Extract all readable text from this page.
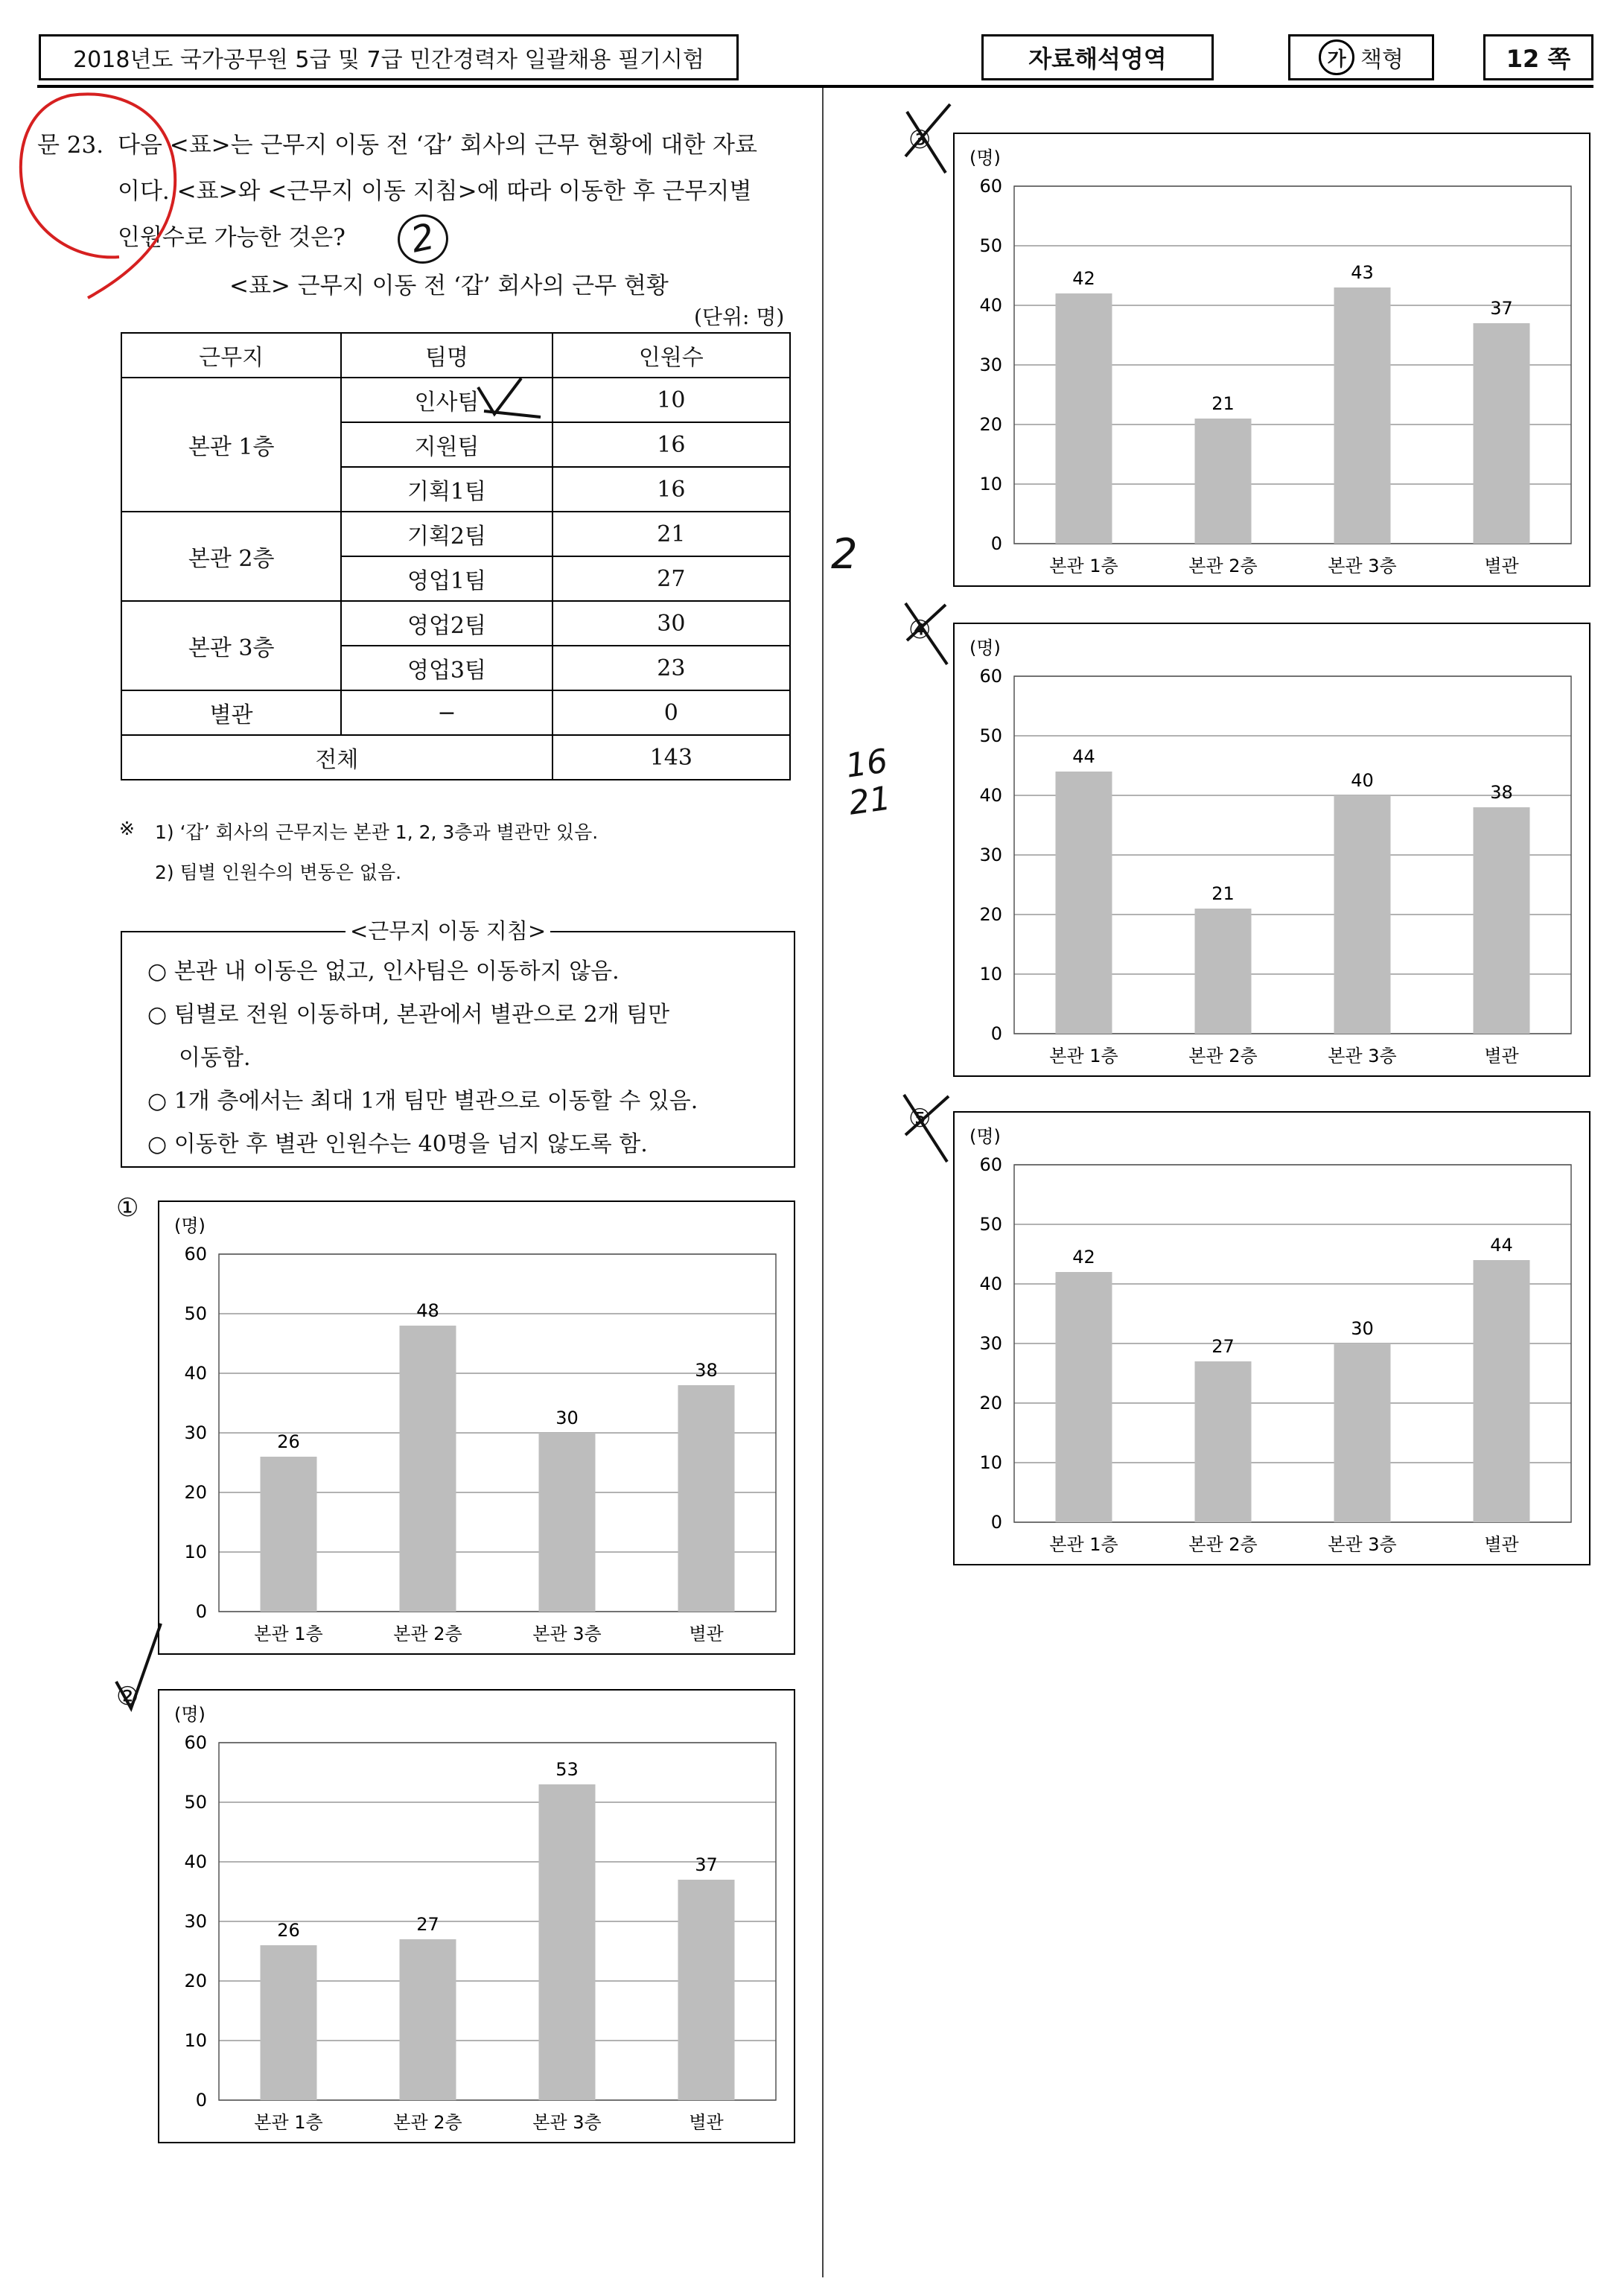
2018년도 국가공무원 5급 및 7급 민간경력자 일괄채용 필기시험	자료해석영역	가 책형	12 쪽
문 23. 다음 <표>는 근무지 이동 전 ‘갑’ 회사의 근무 현황에 대한 자료
이다. <표>와 <근무지 이동 지침>에 따라 이동한 후 근무지별
인원수로 가능한 것은?
<표> 근무지 이동 전 ‘갑’ 회사의 근무 현황
(단위: 명)
근무지	팀명	인원수
본관 1층	인사팀	10
	지원팀	16
	기획1팀	16
본관 2층	기획2팀	21
	영업1팀	27
본관 3층	영업2팀	30
	영업3팀	23
별관	−	0
전체		143
※ 1) ‘갑’ 회사의 근무지는 본관 1, 2, 3층과 별관만 있음.
2) 팀별 인원수의 변동은 없음.
<근무지 이동 지침>
○ 본관 내 이동은 없고, 인사팀은 이동하지 않음.
○ 팀별로 전원 이동하며, 본관에서 별관으로 2개 팀만
이동함.
○ 1개 층에서는 최대 1개 팀만 별관으로 이동할 수 있음.
○ 이동한 후 별관 인원수는 40명을 넘지 않도록 함.
①
②
③
④
⑤
(명)
0
10
20
30
40
50
60
26
본관 1층
48
본관 2층
30
본관 3층
38
별관
(명)
0
10
20
30
40
50
60
26
본관 1층
27
본관 2층
53
본관 3층
37
별관
(명)
0
10
20
30
40
50
60
42
본관 1층
21
본관 2층
43
본관 3층
37
별관
(명)
0
10
20
30
40
50
60
44
본관 1층
21
본관 2층
40
본관 3층
38
별관
(명)
0
10
20
30
40
50
60
42
본관 1층
27
본관 2층
30
본관 3층
44
별관
2
2
16
21
